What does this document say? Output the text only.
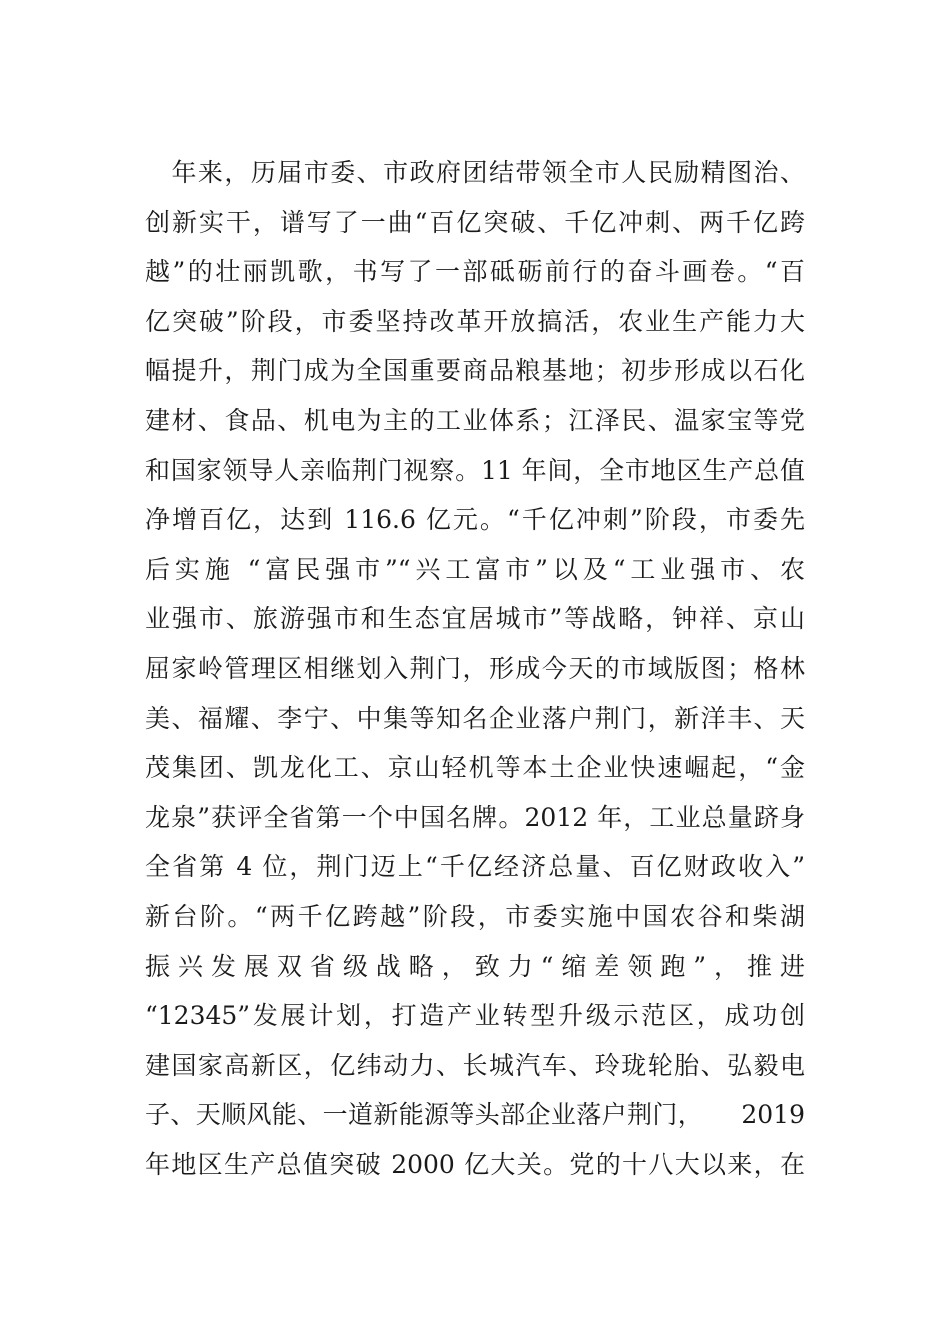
　年来，历届市委、市政府团结带领全市人民励精图治、
创新实干，谱写了一曲“百亿突破、千亿冲刺、两千亿跨
越”的壮丽凯歌，书写了一部砥砺前行的奋斗画卷。“百
亿突破”阶段，市委坚持改革开放搞活，农业生产能力大
幅提升，荆门成为全国重要商品粮基地；初步形成以石化
建材、食品、机电为主的工业体系；江泽民、温家宝等党
和国家领导人亲临荆门视察。11 年间，全市地区生产总值
净增百亿，达到 116.6 亿元。“千亿冲刺”阶段，市委先
后实施 “富民强市”“兴工富市”以及“工业强市、农
业强市、旅游强市和生态宜居城市”等战略，钟祥、京山
屈家岭管理区相继划入荆门，形成今天的市域版图；格林
美、福耀、李宁、中集等知名企业落户荆门，新洋丰、天
茂集团、凯龙化工、京山轻机等本土企业快速崛起，“金
龙泉”获评全省第一个中国名牌。2012 年，工业总量跻身
全省第 4 位，荆门迈上“千亿经济总量、百亿财政收入”
新台阶。“两千亿跨越”阶段，市委实施中国农谷和柴湖
振 兴 发 展 双 省 级 战 略 ， 致 力 “ 缩 差 领 跑 ” ， 推 进
“12345”发展计划，打造产业转型升级示范区，成功创
建国家高新区，亿纬动力、长城汽车、玲珑轮胎、弘毅电
子、天顺风能、一道新能源等头部企业落户荆门，　　2019
年地区生产总值突破 2000 亿大关。党的十八大以来，在
